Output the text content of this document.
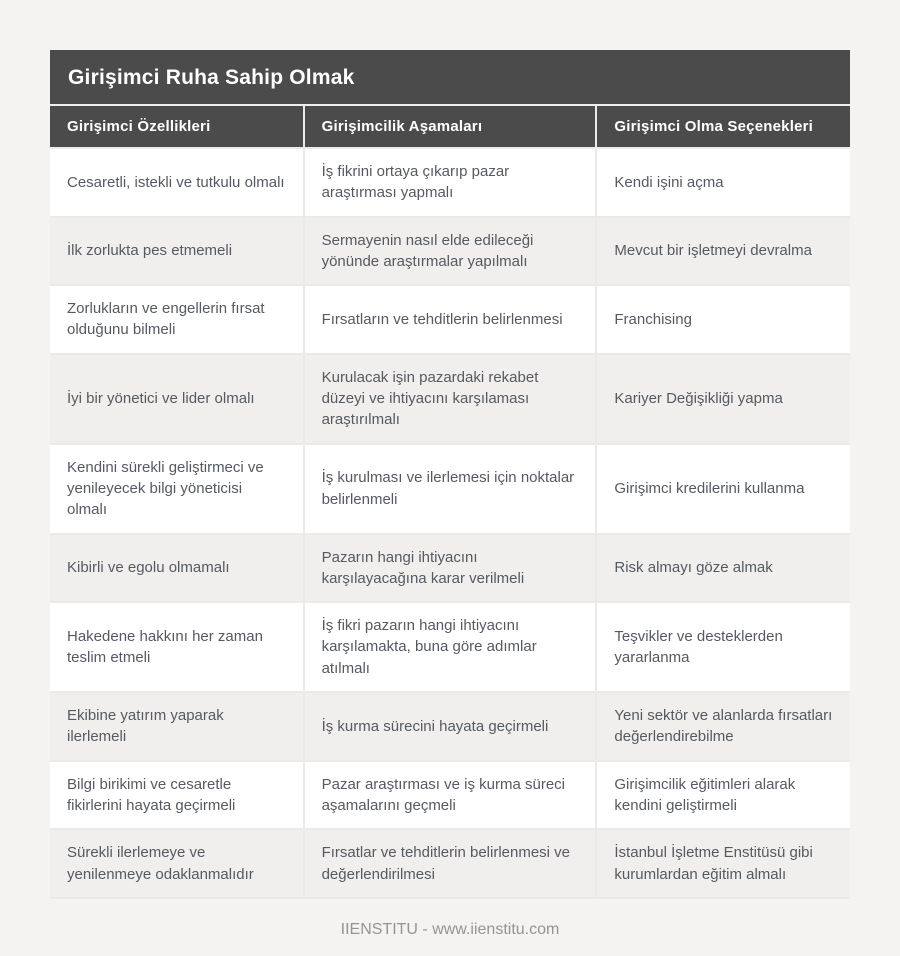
Girişimci Ruha Sahip Olmak
Girişimci Özellikleri	Girişimcilik Aşamaları	Girişimci Olma Seçenekleri
Cesaretli, istekli ve tutkulu olmalı	İş fikrini ortaya çıkarıp pazar araştırması yapmalı	Kendi işini açma
İlk zorlukta pes etmemeli	Sermayenin nasıl elde edileceği yönünde araştırmalar yapılmalı	Mevcut bir işletmeyi devralma
Zorlukların ve engellerin fırsat olduğunu bilmeli	Fırsatların ve tehditlerin belirlenmesi	Franchising
İyi bir yönetici ve lider olmalı	Kurulacak işin pazardaki rekabet düzeyi ve ihtiyacını karşılaması araştırılmalı	Kariyer Değişikliği yapma
Kendini sürekli geliştirmeci ve yenileyecek bilgi yöneticisi olmalı	İş kurulması ve ilerlemesi için noktalar belirlenmeli	Girişimci kredilerini kullanma
Kibirli ve egolu olmamalı	Pazarın hangi ihtiyacını karşılayacağına karar verilmeli	Risk almayı göze almak
Hakedene hakkını her zaman teslim etmeli	İş fikri pazarın hangi ihtiyacını karşılamakta, buna göre adımlar atılmalı	Teşvikler ve desteklerden yararlanma
Ekibine yatırım yaparak ilerlemeli	İş kurma sürecini hayata geçirmeli	Yeni sektör ve alanlarda fırsatları değerlendirebilme
Bilgi birikimi ve cesaretle fikirlerini hayata geçirmeli	Pazar araştırması ve iş kurma süreci aşamalarını geçmeli	Girişimcilik eğitimleri alarak kendini geliştirmeli
Sürekli ilerlemeye ve yenilenmeye odaklanmalıdır	Fırsatlar ve tehditlerin belirlenmesi ve değerlendirilmesi	İstanbul İşletme Enstitüsü gibi kurumlardan eğitim almalı
IIENSTITU - www.iienstitu.com
